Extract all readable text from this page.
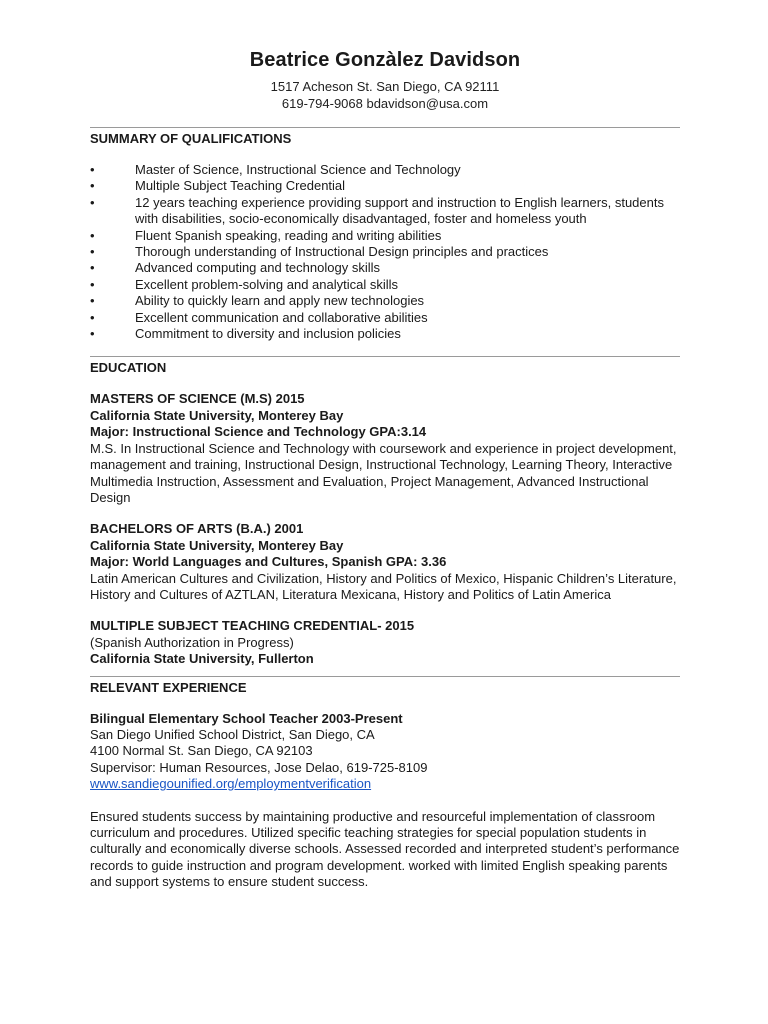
Beatrice Gonzàlez Davidson
1517 Acheson St. San Diego, CA 92111
619-794-9068 bdavidson@usa.com
SUMMARY OF QUALIFICATIONS
•	Master of Science, Instructional Science and Technology
•	Multiple Subject Teaching Credential
•	12 years teaching experience providing support and instruction to English learners, students with disabilities, socio-economically disadvantaged, foster and homeless youth
•	Fluent Spanish speaking, reading and writing abilities
•	Thorough understanding of Instructional Design principles and practices
•	Advanced computing and technology skills
•	Excellent problem-solving and analytical skills
•	Ability to quickly learn and apply new technologies
•	Excellent communication and collaborative abilities
•	Commitment to diversity and inclusion policies
EDUCATION
MASTERS OF SCIENCE (M.S) 2015
California State University, Monterey Bay
Major: Instructional Science and Technology GPA:3.14
M.S. In Instructional Science and Technology with coursework and experience in project development, management and training, Instructional Design, Instructional Technology, Learning Theory, Interactive Multimedia Instruction, Assessment and Evaluation, Project Management, Advanced Instructional Design
BACHELORS OF ARTS (B.A.) 2001
California State University, Monterey Bay
Major: World Languages and Cultures, Spanish GPA: 3.36
Latin American Cultures and Civilization, History and Politics of Mexico, Hispanic Children’s Literature, History and Cultures of AZTLAN, Literatura Mexicana, History and Politics of Latin America
MULTIPLE SUBJECT TEACHING CREDENTIAL- 2015
(Spanish Authorization in Progress)
California State University, Fullerton
RELEVANT EXPERIENCE
Bilingual Elementary School Teacher 2003-Present
San Diego Unified School District, San Diego, CA
4100 Normal St. San Diego, CA 92103
Supervisor: Human Resources, Jose Delao, 619-725-8109
www.sandiegounified.org/employmentverification
Ensured students success by maintaining productive and resourceful implementation of classroom curriculum and procedures. Utilized specific teaching strategies for special population students in culturally and economically diverse schools. Assessed recorded and interpreted student’s performance records to guide instruction and program development. worked with limited English speaking parents and support systems to ensure student success.
